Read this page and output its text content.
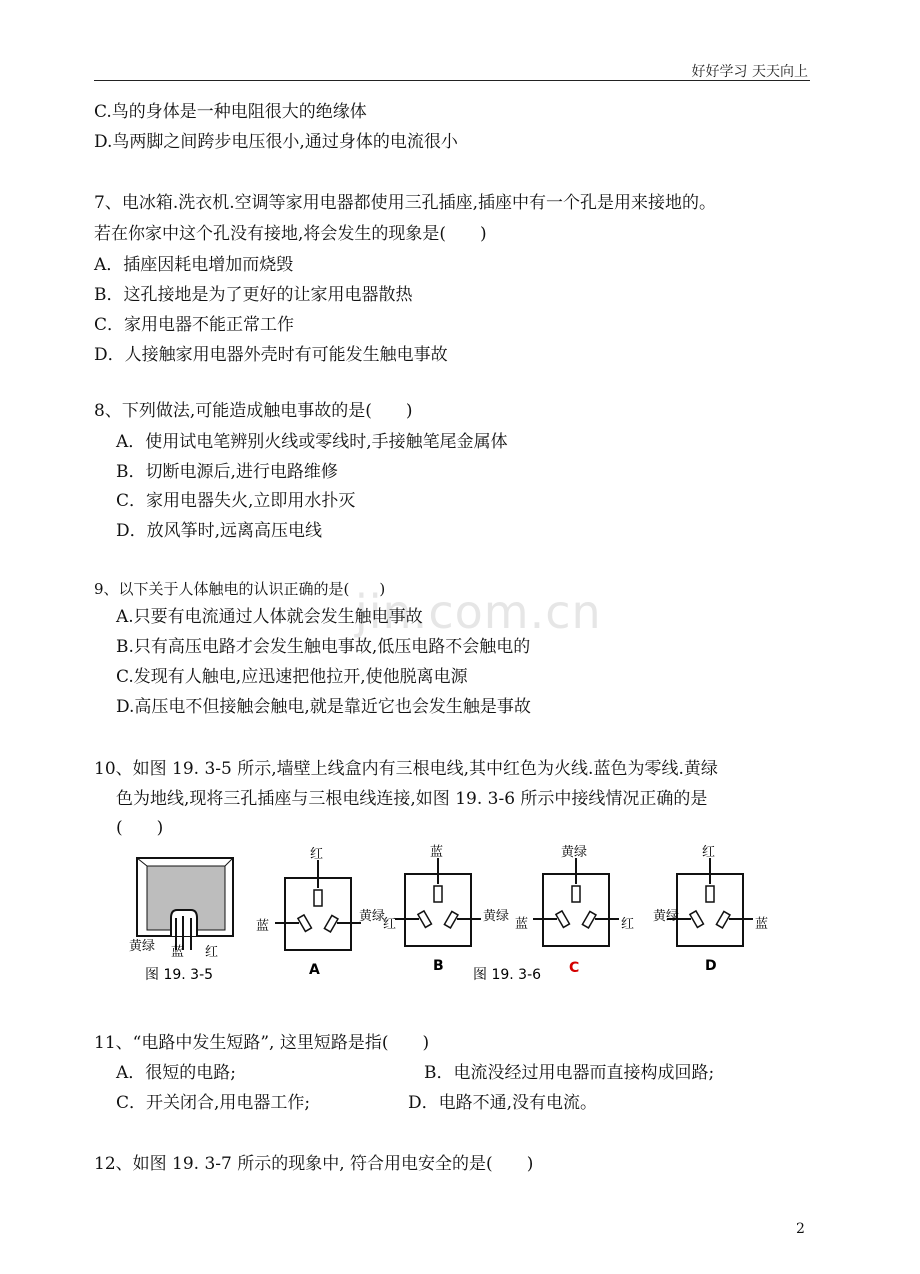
好好学习 天天向上
jin.com.cn
C.鸟的身体是一种电阻很大的绝缘体
D.鸟两脚之间跨步电压很小,通过身体的电流很小
7、电冰箱.洗衣机.空调等家用电器都使用三孔插座,插座中有一个孔是用来接地的。
若在你家中这个孔没有接地,将会发生的现象是(　　)
A．插座因耗电增加而烧毁
B．这孔接地是为了更好的让家用电器散热
C．家用电器不能正常工作
D．人接触家用电器外壳时有可能发生触电事故
8、下列做法,可能造成触电事故的是(　　)
A．使用试电笔辨别火线或零线时,手接触笔尾金属体
B．切断电源后,进行电路维修
C．家用电器失火,立即用水扑灭
D．放风筝时,远离高压电线
9、以下关于人体触电的认识正确的是(　　)
A.只要有电流通过人体就会发生触电事故
B.只有高压电路才会发生触电事故,低压电路不会触电的
C.发现有人触电,应迅速把他拉开,使他脱离电源
D.高压电不但接触会触电,就是靠近它也会发生触是事故
10、如图 19. 3-5 所示,墙壁上线盒内有三根电线,其中红色为火线.蓝色为零线.黄绿
色为地线,现将三孔插座与三根电线连接,如图 19. 3-6 所示中接线情况正确的是
(　　)
黄绿 蓝 红
图 19. 3-5
红
蓝
黄绿
A
蓝
红
黄绿
B
图 19. 3-6
黄绿
蓝	红
C
红
黄绿
蓝
D
11、“电路中发生短路”, 这里短路是指(　　)
A．很短的电路;	B．电流没经过用电器而直接构成回路;
C．开关闭合,用电器工作;	D．电路不通,没有电流。
12、如图 19. 3-7 所示的现象中, 符合用电安全的是(　　)
2
